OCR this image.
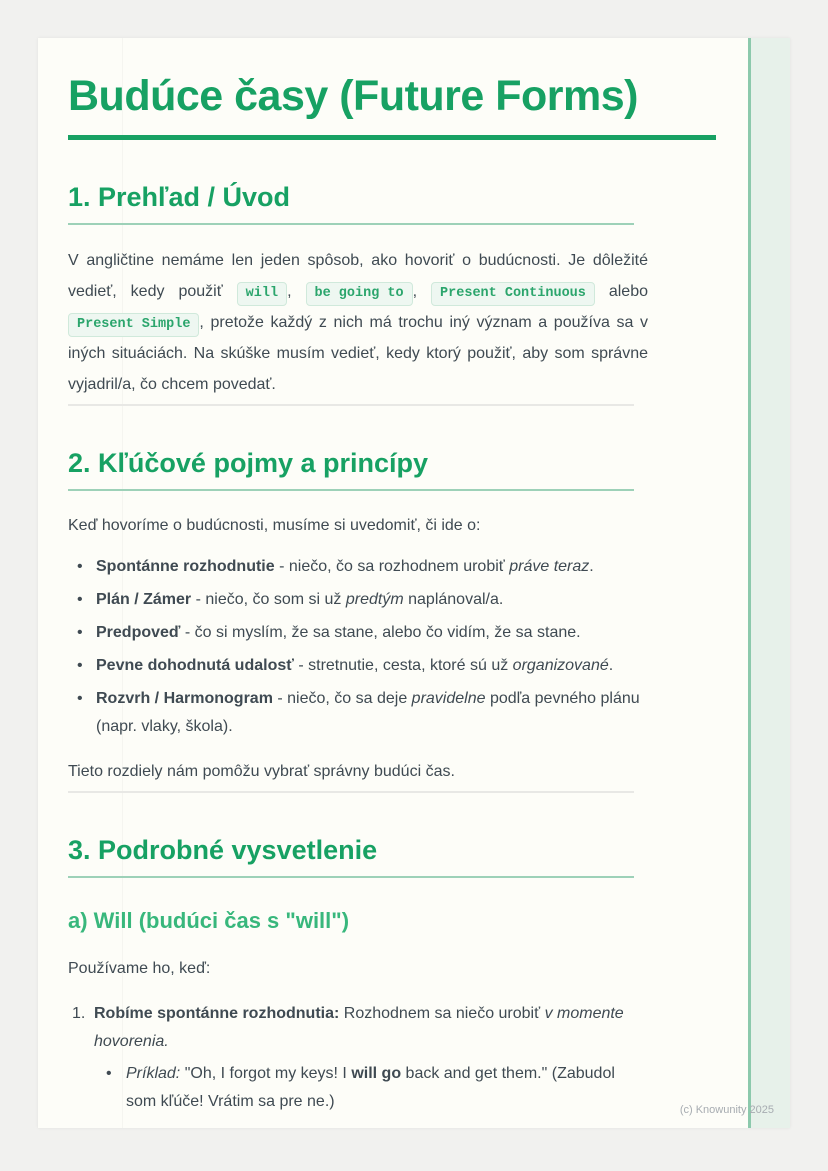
Budúce časy (Future Forms)
1. Prehľad / Úvod

V angličtine nemáme len jeden spôsob, ako hovoriť o budúcnosti. Je dôležité vedieť, kedy použiť will , be going to , Present Continuous alebo Present Simple , pretože každý z nich má trochu iný význam a používa sa v iných situáciách. Na skúške musím vedieť, kedy ktorý použiť, aby som správne vyjadril/a, čo chcem povedať.

2. Kľúčové pojmy a princípy

Keď hovoríme o budúcnosti, musíme si uvedomiť, či ide o:

• Spontánne rozhodnutie - niečo, čo sa rozhodnem urobiť práve teraz.
• Plán / Zámer - niečo, čo som si už predtým naplánoval/a.
• Predpoveď - čo si myslím, že sa stane, alebo čo vidím, že sa stane.
• Pevne dohodnutá udalosť - stretnutie, cesta, ktoré sú už organizované.
• Rozvrh / Harmonogram - niečo, čo sa deje pravidelne podľa pevného plánu (napr. vlaky, škola).

Tieto rozdiely nám pomôžu vybrať správny budúci čas.

3. Podrobné vysvetlenie
a) Will (budúci čas s "will")

Používame ho, keď:

1. Robíme spontánne rozhodnutia: Rozhodnem sa niečo urobiť v momente hovorenia.
• Príklad: "Oh, I forgot my keys! I will go back and get them." (Zabudol som kľúče! Vrátim sa pre ne.)	(c) Knowunity 2025
